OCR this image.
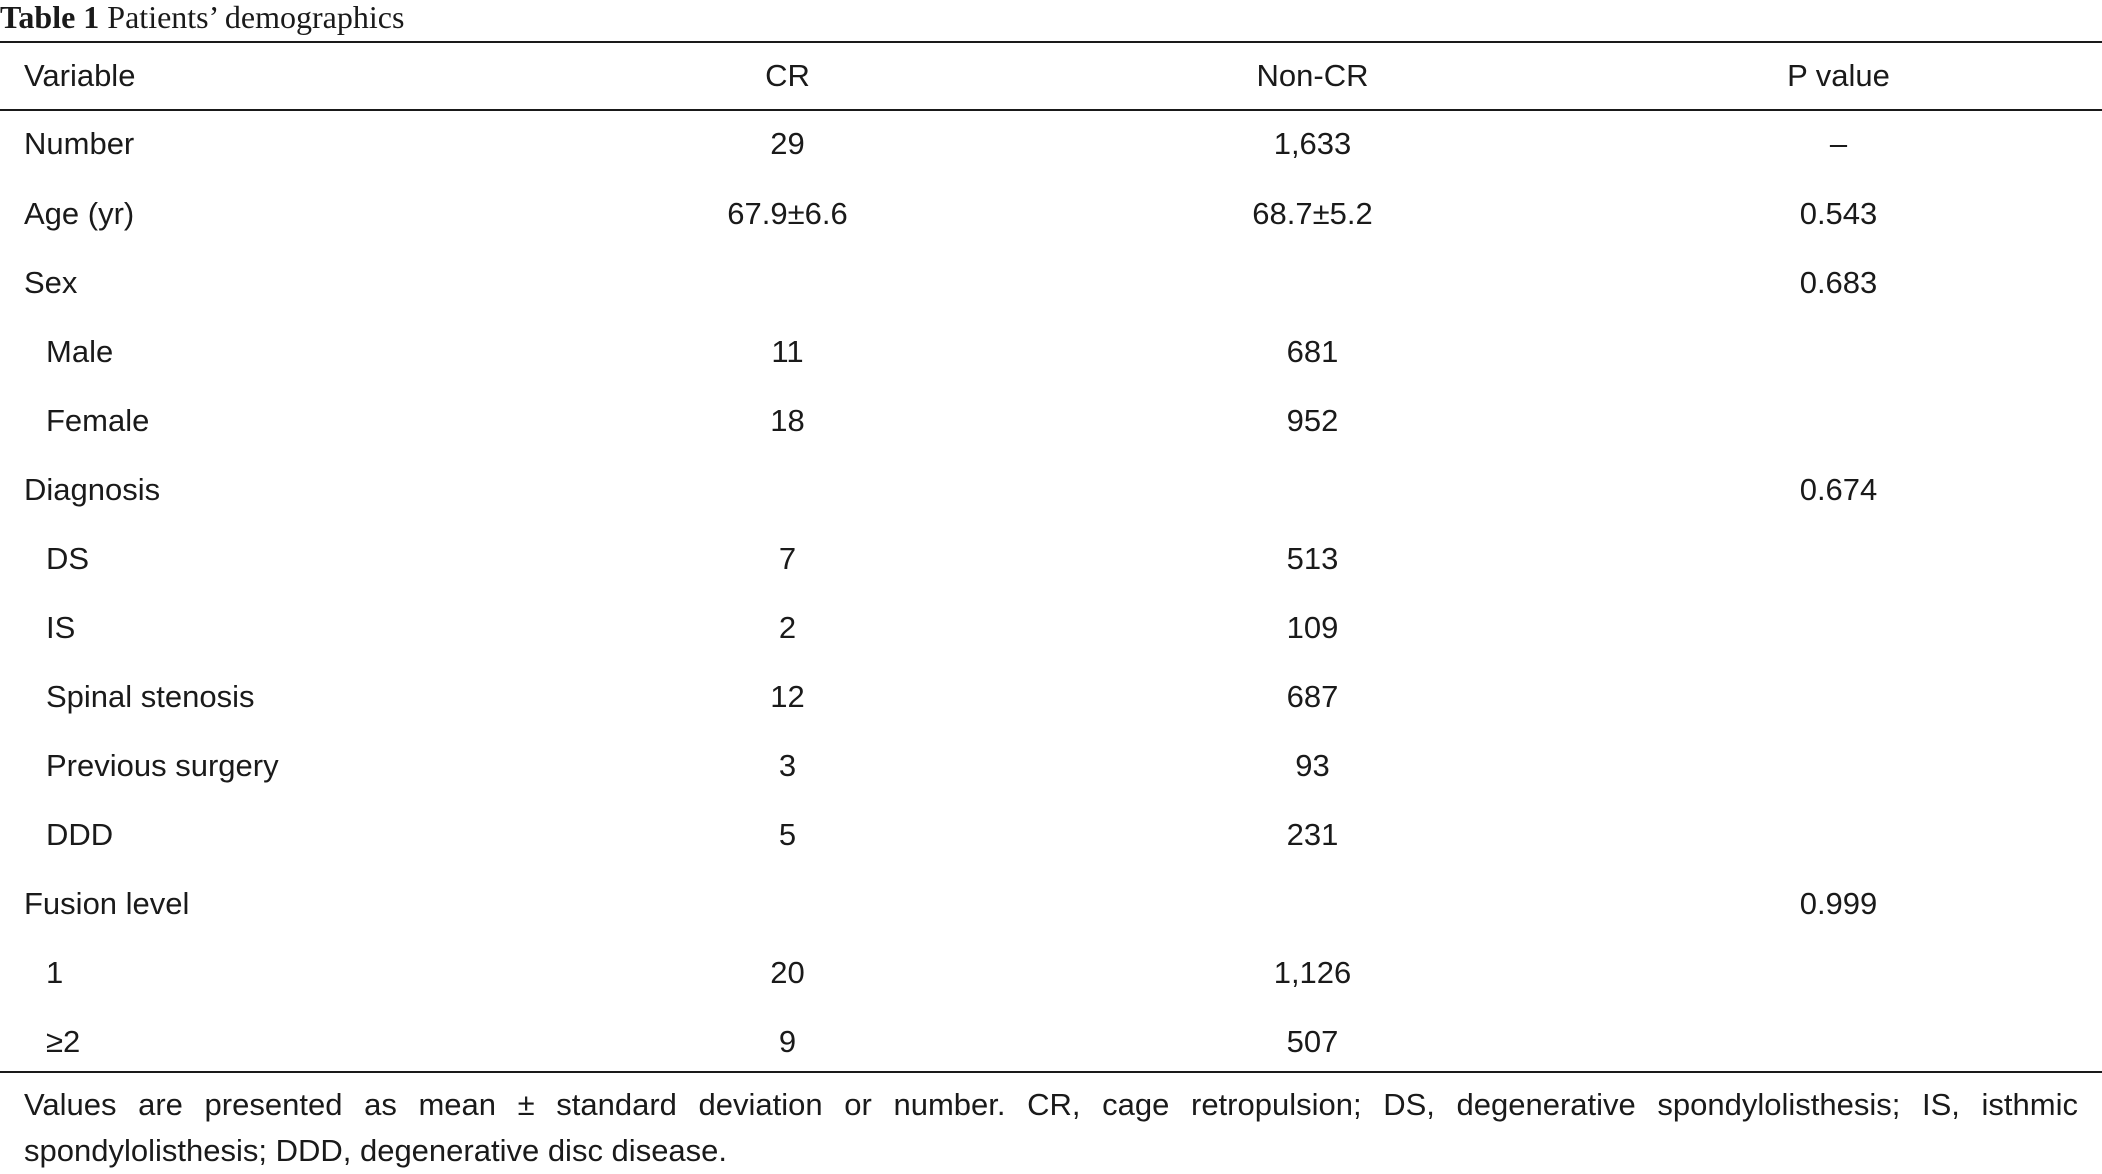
Table 1 Patients’ demographics
Variable	CR	Non-CR	P value
Number	29	1,633	–
Age (yr)	67.9±6.6	68.7±5.2	0.543
Sex			0.683
Male	11	681	
Female	18	952	
Diagnosis			0.674
DS	7	513	
IS	2	109	
Spinal stenosis	12	687	
Previous surgery	3	93	
DDD	5	231	
Fusion level			0.999
1	20	1,126	
≥2	9	507	
Values are presented as mean ± standard deviation or number. CR, cage retropulsion; DS, degenerative spondylolisthesis; IS, isthmic spondylolisthesis; DDD, degenerative disc disease.
